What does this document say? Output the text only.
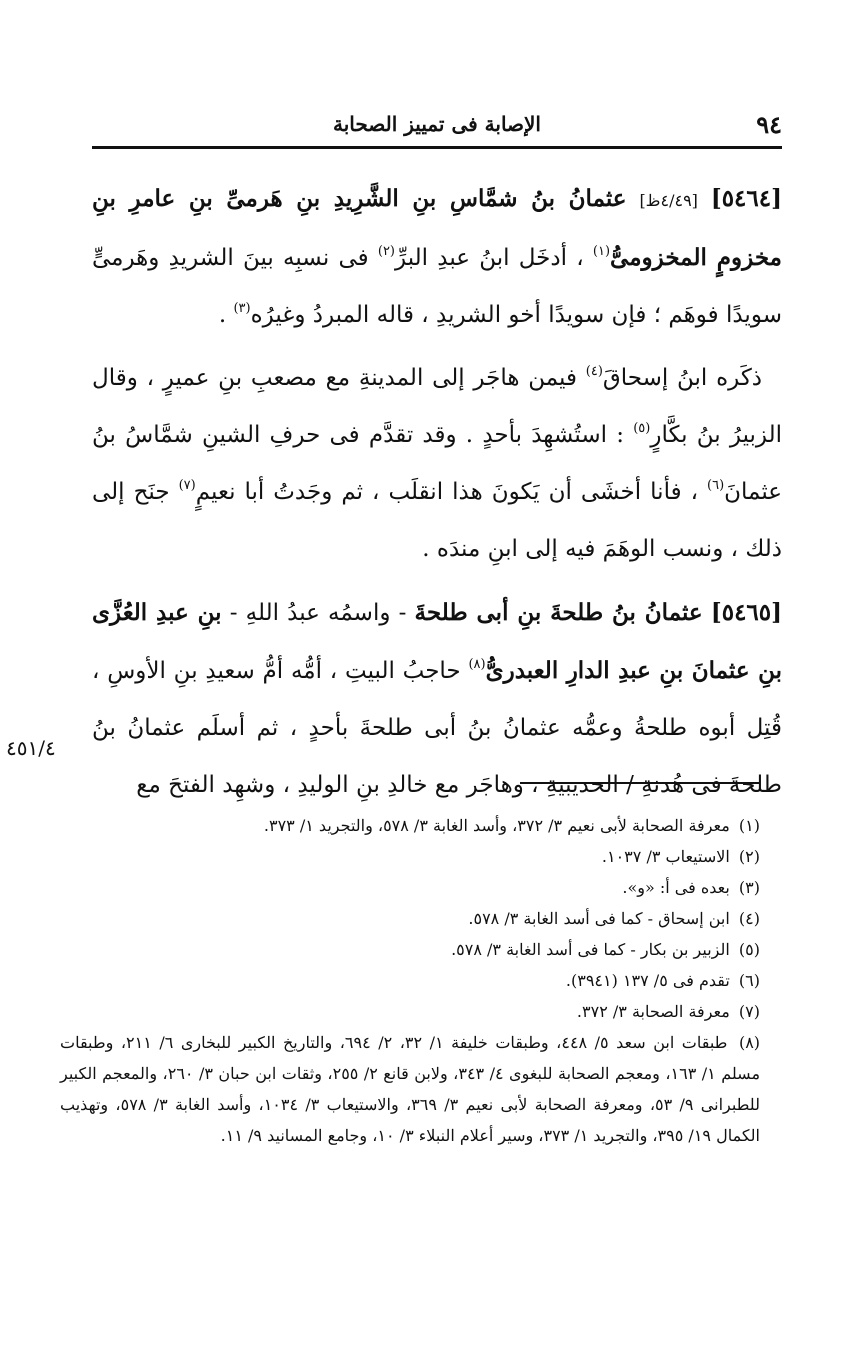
٩٤
الإصابة فى تمييز الصحابة

[٥٤٦٤] [٤/٤٩ظ] عثمانُ بنُ شمَّاسِ بنِ الشَّرِيدِ بنِ هَرمىِّ بنِ عامرِ بنِ مخزومٍ المخزومىُّ$^{(١)}$ ، أدخَل ابنُ عبدِ البرِّ$^{(٢)}$ فى نسبِه بينَ الشريدِ وهَرمىٍّ سويدًا فوهَم ؛ فإن سويدًا أخو الشريدِ ، قاله المبردُ وغيرُه$^{(٣)}$ .

ذكَره ابنُ إسحاقَ$^{(٤)}$ فيمن هاجَر إلى المدينةِ مع مصعبِ بنِ عميرٍ ، وقال الزبيرُ بنُ بكَّارٍ$^{(٥)}$ : استُشهِدَ بأحدٍ . وقد تقدَّم فى حرفِ الشينِ شمَّاسُ بنُ عثمانَ$^{(٦)}$ ، فأنا أخشَى أن يَكونَ هذا انقلَب ، ثم وجَدتُ أبا نعيمٍ$^{(٧)}$ جنَح إلى ذلك ، ونسب الوهَمَ فيه إلى ابنِ مندَه .

[٥٤٦٥] عثمانُ بنُ طلحةَ بنِ أبى طلحةَ - واسمُه عبدُ اللهِ - بنِ عبدِ العُزَّى بنِ عثمانَ بنِ عبدِ الدارِ العبدرىُّ$^{(٨)}$ حاجبُ البيتِ ، أمُّه أمُّ سعيدِ بنِ الأوسِ ، قُتِل أبوه طلحةُ وعمُّه عثمانُ بنُ أبى طلحةَ بأحدٍ ، ثم أسلَم عثمانُ بنُ طلحةَ فى هُدنةِ / الحديبيةِ ، وهاجَر مع خالدِ بنِ الوليدِ ، وشهِد الفتحَ مع

٤٥١/٤
(١) معرفة الصحابة لأبى نعيم ٣/ ٣٧٢، وأسد الغابة ٣/ ٥٧٨، والتجريد ١/ ٣٧٣.
(٢) الاستيعاب ٣/ ١٠٣٧.
(٣) بعده فى أ: «و».
(٤) ابن إسحاق - كما فى أسد الغابة ٣/ ٥٧٨.
(٥) الزبير بن بكار - كما فى أسد الغابة ٣/ ٥٧٨.
(٦) تقدم فى ٥/ ١٣٧ (٣٩٤١).
(٧) معرفة الصحابة ٣/ ٣٧٢.
(٨) طبقات ابن سعد ٥/ ٤٤٨، وطبقات خليفة ١/ ٣٢، ٢/ ٦٩٤، والتاريخ الكبير للبخارى ٦/ ٢١١، وطبقات مسلم ١/ ١٦٣، ومعجم الصحابة للبغوى ٤/ ٣٤٣، ولابن قانع ٢/ ٢٥٥، وثقات ابن حبان ٣/ ٢٦٠، والمعجم الكبير للطبرانى ٩/ ٥٣، ومعرفة الصحابة لأبى نعيم ٣/ ٣٦٩، والاستيعاب ٣/ ١٠٣٤، وأسد الغابة ٣/ ٥٧٨، وتهذيب الكمال ١٩/ ٣٩٥، والتجريد ١/ ٣٧٣، وسير أعلام النبلاء ٣/ ١٠، وجامع المسانيد ٩/ ١١.
